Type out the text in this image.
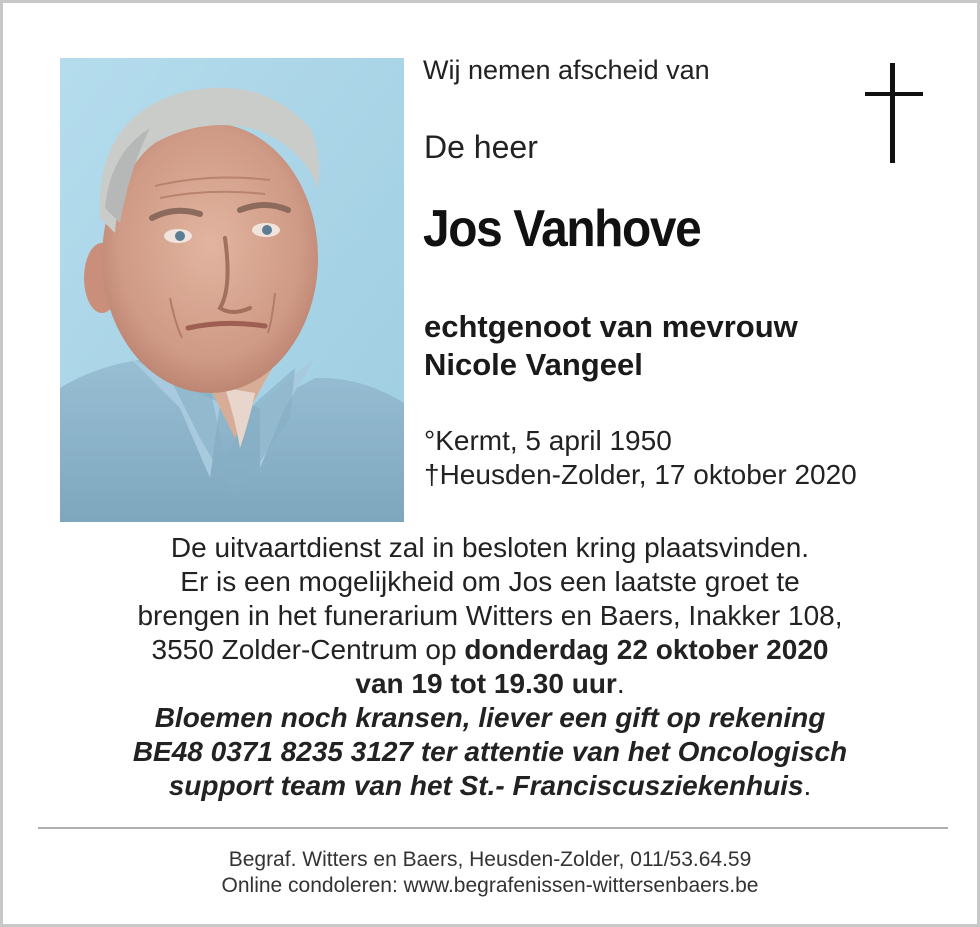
Wij nemen afscheid van
De heer
Jos Vanhove
echtgenoot van mevrouw
Nicole Vangeel
°Kermt, 5 april 1950
†Heusden-Zolder, 17 oktober 2020
De uitvaartdienst zal in besloten kring plaatsvinden.
Er is een mogelijkheid om Jos een laatste groet te
brengen in het funerarium Witters en Baers, Inakker 108,
3550 Zolder-Centrum op donderdag 22 oktober 2020
van 19 tot 19.30 uur.
Bloemen noch kransen, liever een gift op rekening
BE48 0371 8235 3127 ter attentie van het Oncologisch
support team van het St.- Franciscusziekenhuis.
Begraf. Witters en Baers, Heusden-Zolder, 011/53.64.59
Online condoleren: www.begrafenissen-wittersenbaers.be
